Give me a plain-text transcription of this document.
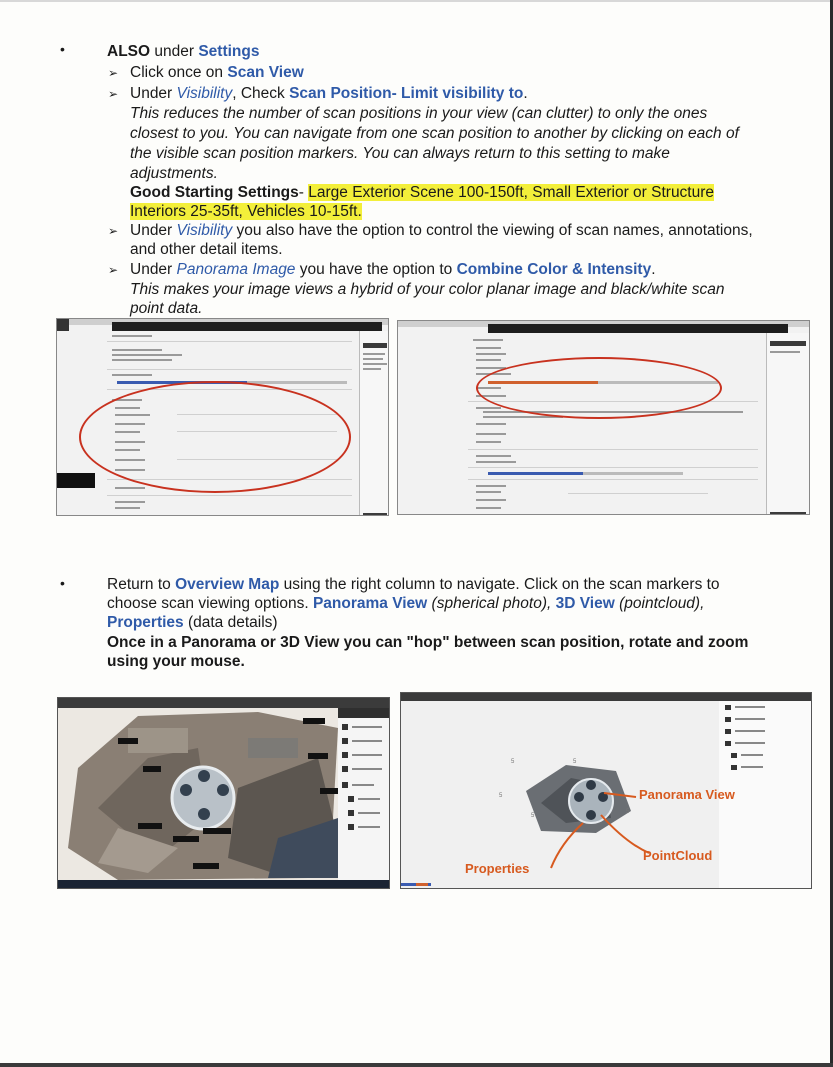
•	ALSO under Settings
➢ Click once on Scan View
➢ Under Visibility, Check Scan Position- Limit visibility to.
This reduces the number of scan positions in your view (can clutter) to only the ones
closest to you. You can navigate from one scan position to another by clicking on each of
the visible scan position markers. You can always return to this setting to make
adjustments.
Good Starting Settings- Large Exterior Scene 100-150ft, Small Exterior or Structure
Interiors 25-35ft, Vehicles 10-15ft.
➢ Under Visibility you also have the option to control the viewing of scan names, annotations,
and other detail items.
➢ Under Panorama Image you have the option to Combine Color & Intensity.
This makes your image views a hybrid of your color planar image and black/white scan
point data.
•	Return to Overview Map using the right column to navigate. Click on the scan markers to
choose scan viewing options. Panorama View (spherical photo), 3D View (pointcloud),
Properties (data details)
Once in a Panorama or 3D View you can "hop" between scan position, rotate and zoom
using your mouse.
5
5
5
5
5
Panorama View
PointCloud
Properties
